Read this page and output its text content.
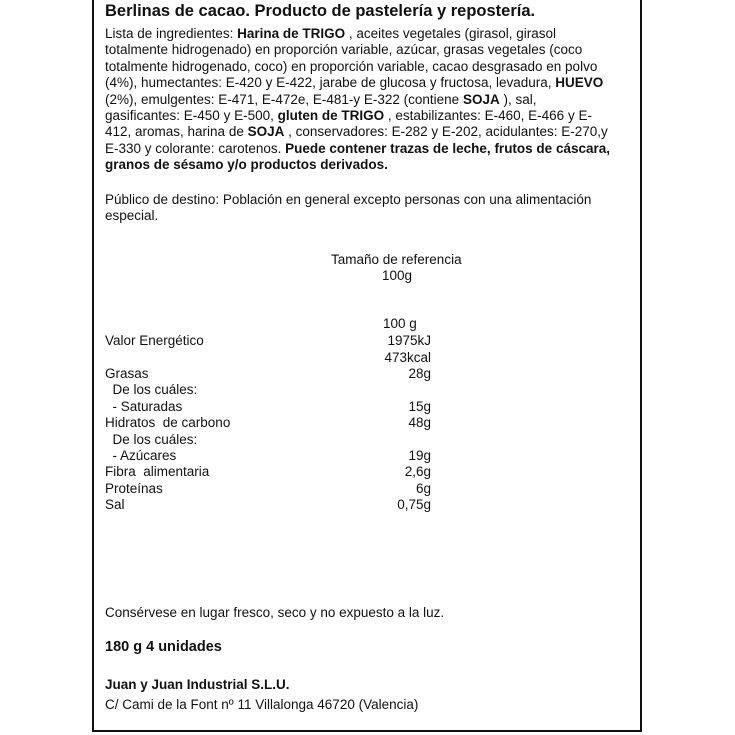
Berlinas de cacao. Producto de pastelería y repostería.
Lista de ingredientes: Harina de TRIGO , aceites vegetales (girasol, girasol totalmente hidrogenado) en proporción variable, azúcar, grasas vegetales (coco totalmente hidrogenado, coco) en proporción variable, cacao desgrasado en polvo (4%), humectantes: E-420 y E-422, jarabe de glucosa y fructosa, levadura, HUEVO (2%), emulgentes: E-471, E-472e, E-481-y E-322 (contiene SOJA ), sal, gasificantes: E-450 y E-500, gluten de TRIGO , estabilizantes: E-460, E-466 y E-412, aromas, harina de SOJA , conservadores: E-282 y E-202, acidulantes: E-270,y E-330 y colorante: carotenos. Puede contener trazas de leche, frutos de cáscara, granos de sésamo y/o productos derivados.
Público de destino: Población en general excepto personas con una alimentación
especial.
Tamaño de referencia
100g
100 g
Valor Energético	1975kJ
473kcal
Grasas	28g
De los cuáles:
- Saturadas	15g
Hidratos  de carbono	48g
De los cuáles:
- Azúcares	19g
Fibra  alimentaria	2,6g
Proteínas	6g
Sal	0,75g
Consérvese en lugar fresco, seco y no expuesto a la luz.
180 g 4 unidades
Juan y Juan Industrial S.L.U.
C/ Cami de la Font nº 11 Villalonga 46720 (Valencia)
